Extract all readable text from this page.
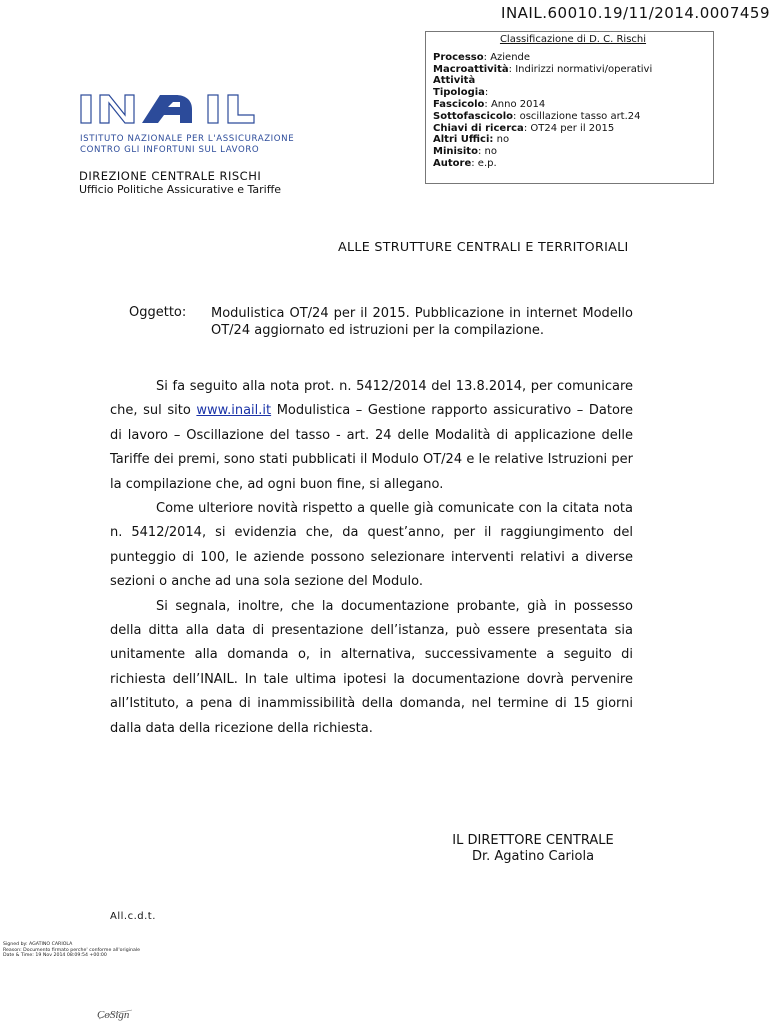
INAIL.60010.19/11/2014.0007459
Classificazione di D. C. Rischi
Processo: Aziende
Macroattività: Indirizzi normativi/operativi
Attività
Tipologia:
Fascicolo: Anno 2014
Sottofascicolo: oscillazione tasso art.24
Chiavi di ricerca: OT24 per il 2015
Altri Uffici: no
Minisito: no
Autore: e.p.
ISTITUTO NAZIONALE PER L'ASSICURAZIONE
CONTRO GLI INFORTUNI SUL LAVORO
DIREZIONE CENTRALE RISCHI
Ufficio Politiche Assicurative e Tariffe
ALLE STRUTTURE CENTRALI E TERRITORIALI
Oggetto: Modulistica OT/24 per il 2015. Pubblicazione in internet Modello OT/24 aggiornato ed istruzioni per la compilazione.

Si fa seguito alla nota prot. n. 5412/2014 del 13.8.2014, per comunicare che, sul sito www.inail.it Modulistica – Gestione rapporto assicurativo – Datore di lavoro – Oscillazione del tasso - art. 24 delle Modalità di applicazione delle Tariffe dei premi, sono stati pubblicati il Modulo OT/24 e le relative Istruzioni per la compilazione che, ad ogni buon fine, si allegano.

Come ulteriore novità rispetto a quelle già comunicate con la citata nota n. 5412/2014, si evidenzia che, da quest’anno, per il raggiungimento del punteggio di 100, le aziende possono selezionare interventi relativi a diverse sezioni o anche ad una sola sezione del Modulo.

Si segnala, inoltre, che la documentazione probante, già in possesso della ditta alla data di presentazione dell’istanza, può essere presentata sia unitamente alla domanda o, in alternativa, successivamente a seguito di richiesta dell’INAIL. In tale ultima ipotesi la documentazione dovrà pervenire all’Istituto, a pena di inammissibilità della domanda, nel termine di 15 giorni dalla data della ricezione della richiesta.

IL DIRETTORE CENTRALE
Dr. Agatino Cariola
All.c.d.t.
Signed by: AGATINO CARIOLA
Reason: Documento firmato perche' conforme all'originale
Date & Time: 19 Nov 2014 08:09:54 +00:00
CoSign
